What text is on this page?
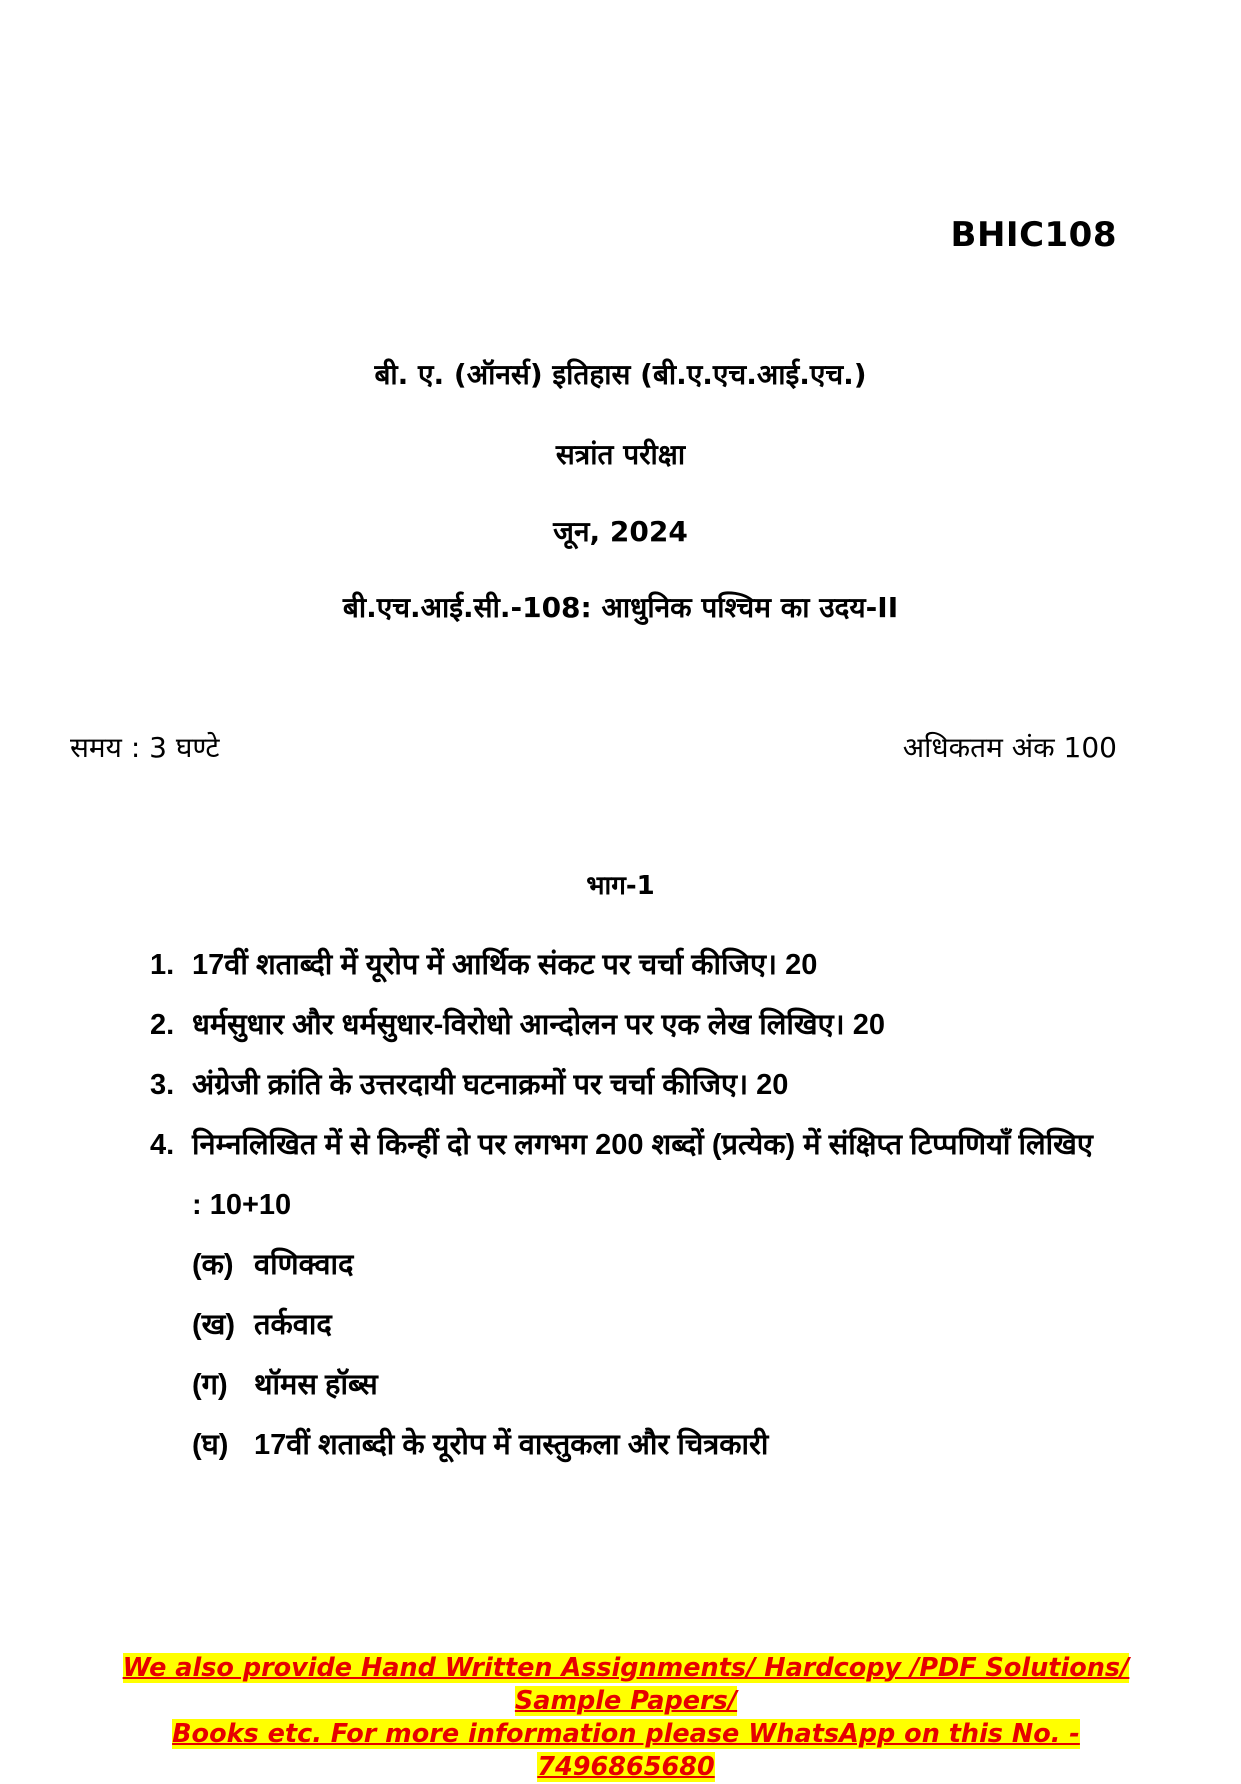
BHIC108
बी. ए. (ऑनर्स) इतिहास (बी.ए.एच.आई.एच.)
सत्रांत परीक्षा
जून, 2024
बी.एच.आई.सी.-108: आधुनिक पश्चिम का उदय-II
समय : 3 घण्टे	अधिकतम अंक 100
भाग-1
1. 17वीं शताब्दी में यूरोप में आर्थिक संकट पर चर्चा कीजिए। 20
2. धर्मसुधार और धर्मसुधार-विरोधो आन्दोलन पर एक लेख लिखिए। 20
3. अंग्रेजी क्रांति के उत्तरदायी घटनाक्रमों पर चर्चा कीजिए। 20
4. निम्नलिखित में से किन्हीं दो पर लगभग 200 शब्दों (प्रत्येक) में संक्षिप्त टिप्पणियाँ लिखिए : 10+10
(क) वणिक्वाद
(ख) तर्कवाद
(ग) थॉमस हॉब्स
(घ) 17वीं शताब्दी के यूरोप में वास्तुकला और चित्रकारी
We also provide Hand Written Assignments/ Hardcopy /PDF Solutions/ Sample Papers/
Books etc. For more information please WhatsApp on this No. - 7496865680
